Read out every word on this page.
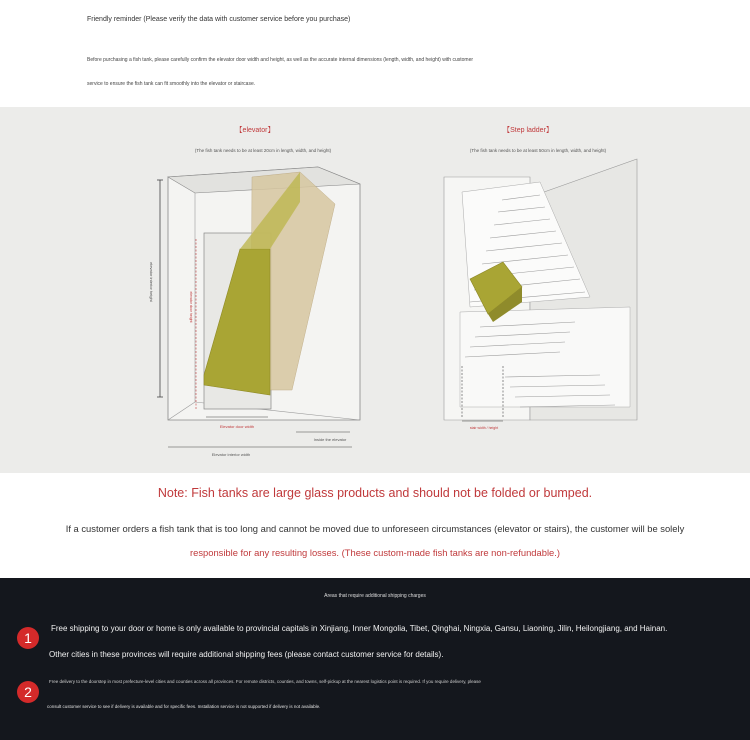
Friendly reminder (Please verify the data with customer service before you purchase)
Before purchasing a fish tank, please carefully confirm the elevator door width and height, as well as the accurate internal dimensions (length, width, and height) with customer
service to ensure the fish tank can fit smoothly into the elevator or staircase.
【elevator】
(The fish tank needs to be at least 20cm in length, width, and height)
elevator interior height
elevator door height
Elevator door width
Inside the elevator
Elevator interior width
【Step ladder】
(The fish tank needs to be at least 50cm in length, width, and height)
stair width / height
Note: Fish tanks are large glass products and should not be folded or bumped.
If a customer orders a fish tank that is too long and cannot be moved due to unforeseen circumstances (elevator or stairs), the customer will be solely
responsible for any resulting losses. (These custom-made fish tanks are non-refundable.)
Areas that require additional shipping charges
1
Free shipping to your door or home is only available to provincial capitals in Xinjiang, Inner Mongolia, Tibet, Qinghai, Ningxia, Gansu, Liaoning, Jilin, Heilongjiang, and Hainan.
Other cities in these provinces will require additional shipping fees (please contact customer service for details).
2
Free delivery to the doorstep in most prefecture-level cities and counties across all provinces. For remote districts, counties, and towns, self-pickup at the nearest logistics point is required. If you require delivery, please
consult customer service to see if delivery is available and for specific fees. Installation service is not supported if delivery is not available.
